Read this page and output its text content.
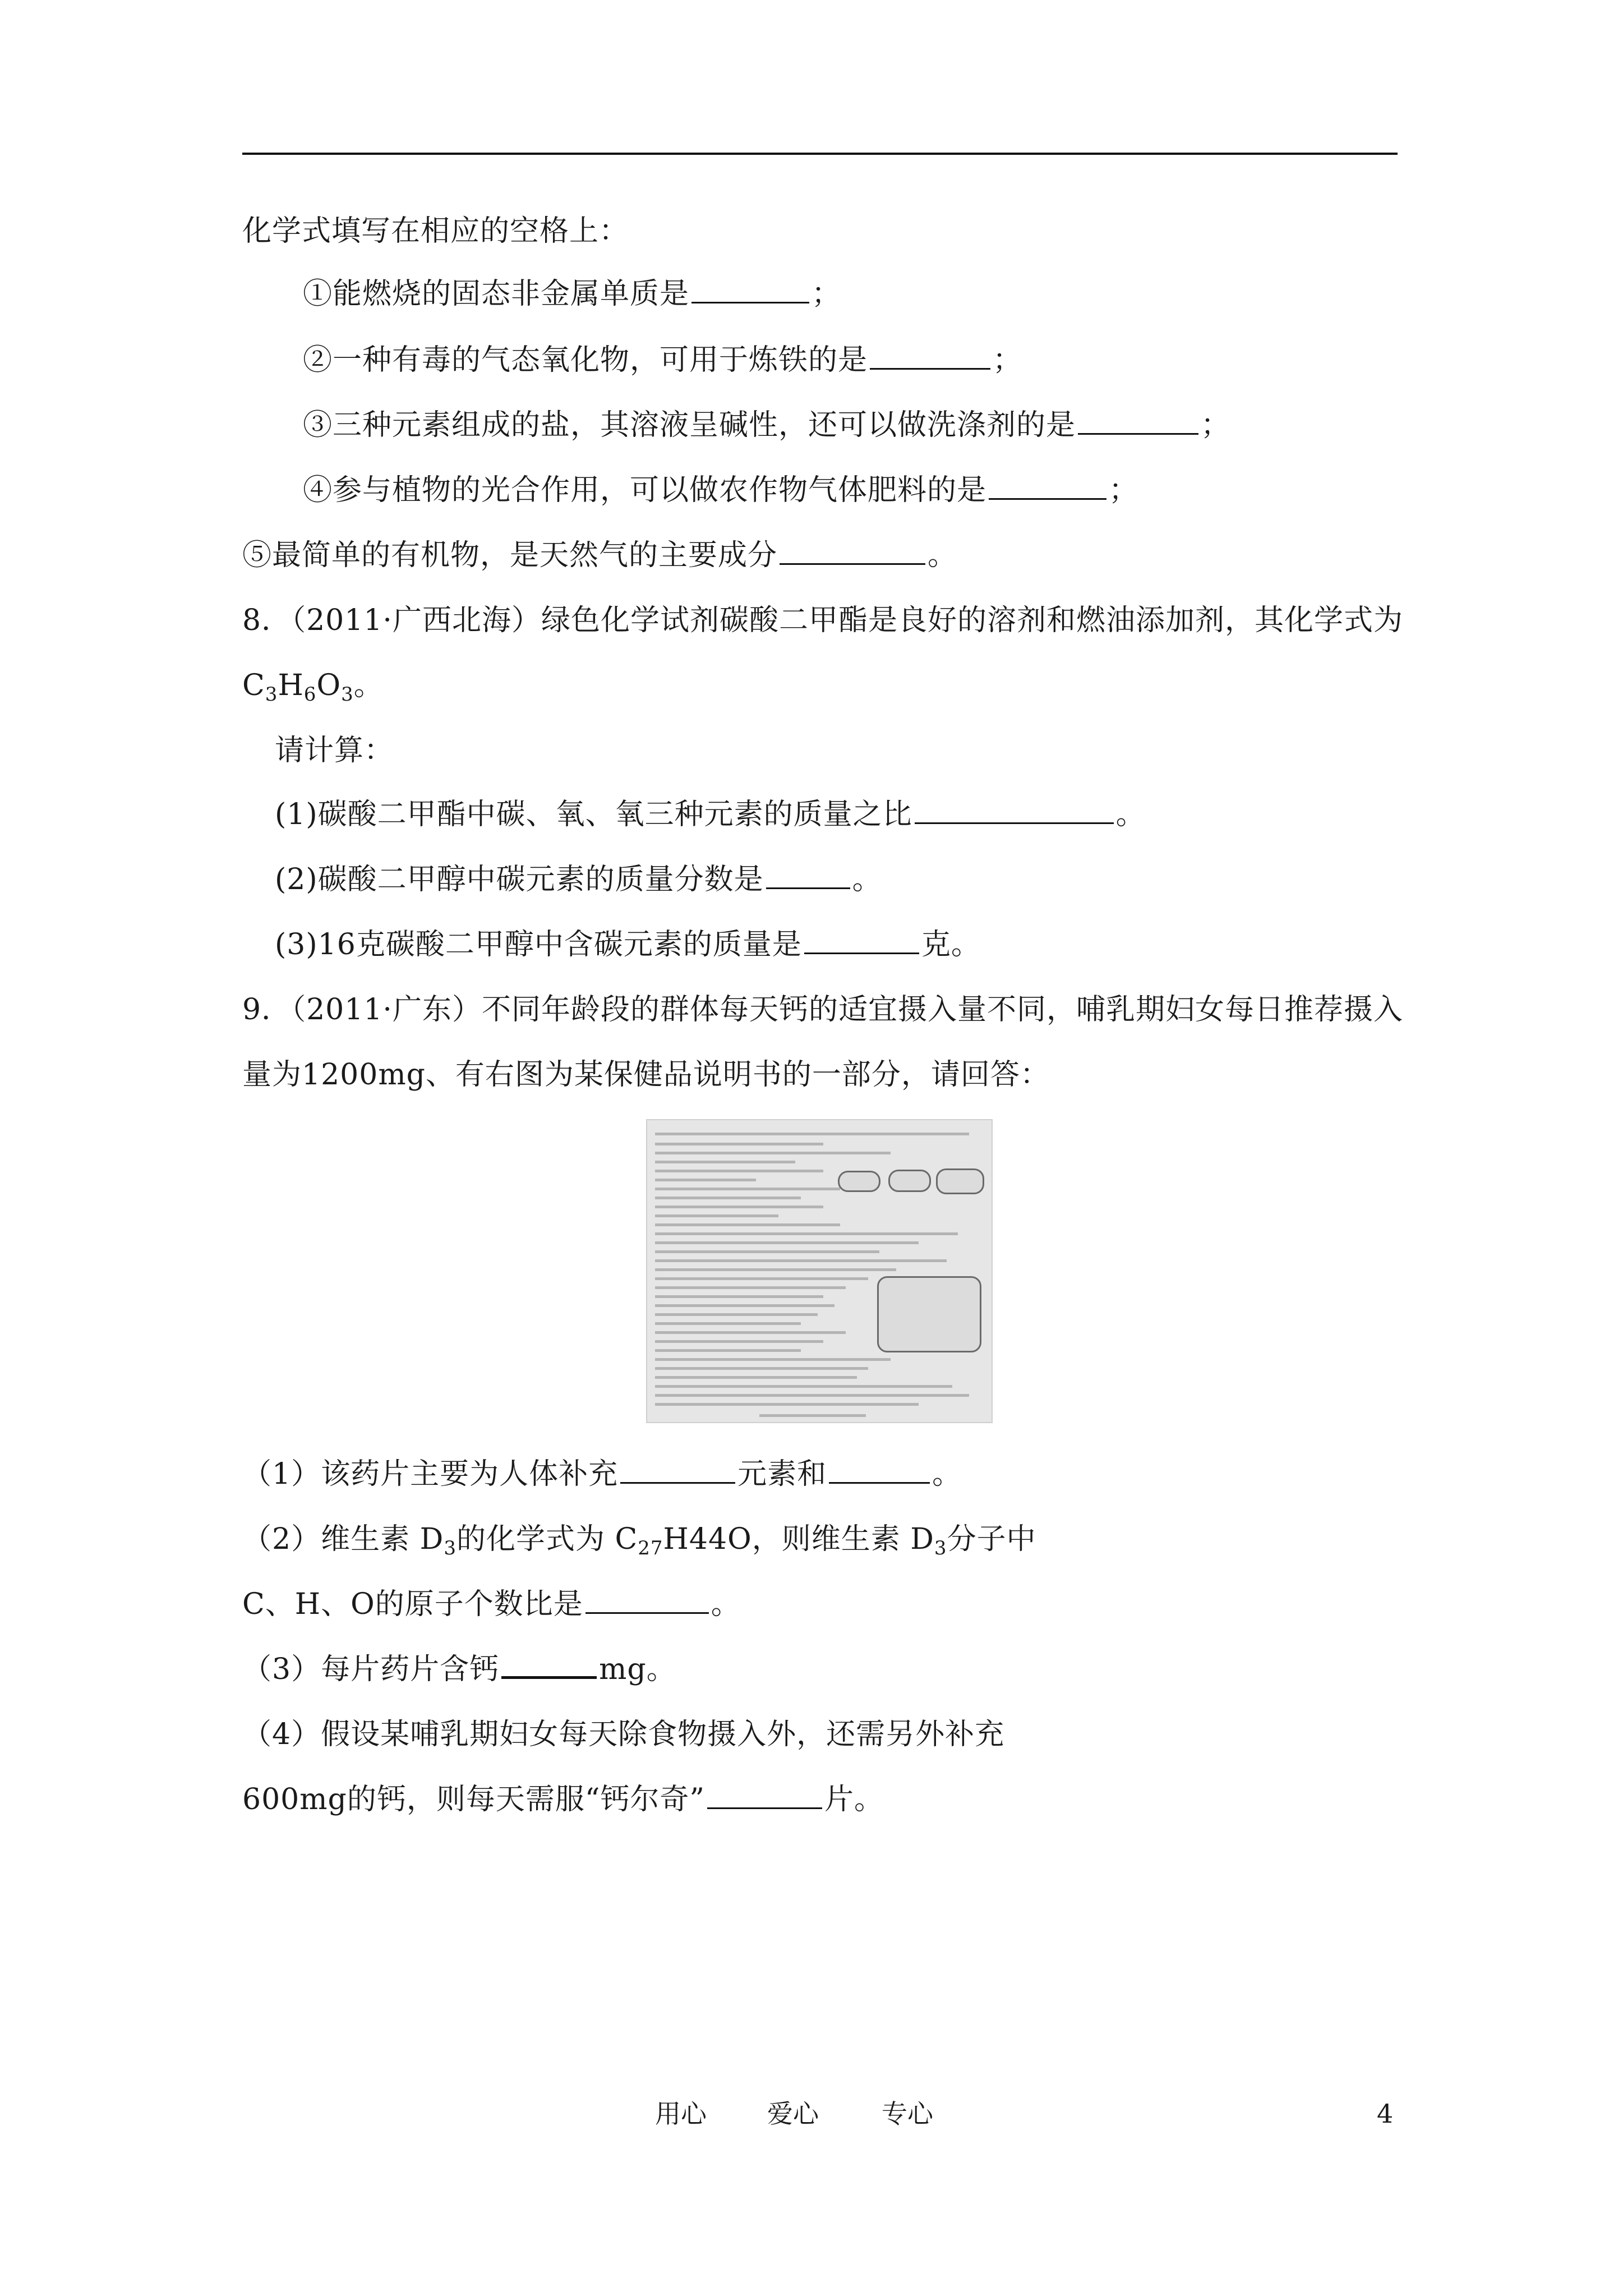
化学式填写在相应的空格上：
①能燃烧的固态非金属单质是	；
②一种有毒的气态氧化物，可用于炼铁的是	；
③三种元素组成的盐，其溶液呈碱性，还可以做洗涤剂的是	；
④参与植物的光合作用，可以做农作物气体肥料的是	；
⑤最简单的有机物，是天然气的主要成分	。
8．（2011·广西北海）绿色化学试剂碳酸二甲酯是良好的溶剂和燃油添加剂，其化学式为
$C_3H_6O_3$。
请计算：
(1)碳酸二甲酯中碳、氧、氧三种元素的质量之比	。
(2)碳酸二甲醇中碳元素的质量分数是	。
(3)16克碳酸二甲醇中含碳元素的质量是	克。
9．（2011·广东）不同年龄段的群体每天钙的适宜摄入量不同，哺乳期妇女每日推荐摄入
量为1200mg、有右图为某保健品说明书的一部分，请回答：
（1）该药片主要为人体补充	元素和	。
（2）维生素 $D_3$的化学式为 $C_{27}H44O$，则维生素 $D_3$分子中
C、H、O的原子个数比是	。
（3）每片药片含钙	mg。
（4）假设某哺乳期妇女每天除食物摄入外，还需另外补充
600mg的钙，则每天需服“钙尔奇”	片。
用心 爱心 专心	4
